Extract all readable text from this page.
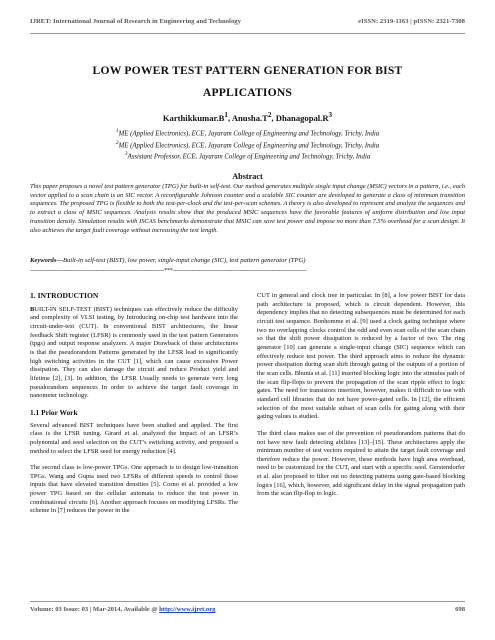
IJRET: International Journal of Research in Engineering and Technology	eISSN: 2319-1163 | pISSN: 2321-7308
LOW POWER TEST PATTERN GENERATION FOR BIST
APPLICATIONS
$Karthikkumar.B^1$, $Anusha.T^2$, $Dhanagopal.R^3$
$^1$ME (Applied Electronics), ECE, Jayaram College of Engineering and Technology, Trichy, India
$^2$ME (Applied Electronics), ECE, Jayaram College of Engineering and Technology, Trichy, India
$^3$Assistant Professor, ECE, Jayaram College of Engineering and Technology, Trichy, India
Abstract
This paper proposes a novel test pattern generator (TPG) for built-in self-test. Our method generates multiple single input change (MSIC) vectors in a pattern, i.e., each vector applied to a scan chain is an SIC vector. A reconfigurable Johnson counter and a scalable SIC counter are developed to generate a class of minimum transition sequences. The proposed TPG is flexible to both the test-per-clock and the test-per-scan schemes. A theory is also developed to represent and analyze the sequences and to extract a class of MSIC sequences. Analysis results show that the produced MSIC sequences have the favorable features of uniform distribution and low input transition density. Simulation results with ISCAS benchmarks demonstrate that MSIC can save test power and impose no more than 7.5% overhead for a scan design. It also achieves the target fault coverage without increasing the test length.
Keywords—Built-in self-test (BIST), low power, single-input change (SIC), test pattern generator (TPG)
------------------------------------------------------------------------***------------------------------------------------------------------------
1. INTRODUCTION

BUILT-IN SELF-TEST (BIST) techniques can effectively reduce the difficulty and complexity of VLSI testing, by Introducing on-chip test hardware into the circuit-under-test (CUT). In conventional BIST architectures, the linear feedback Shift register (LFSR) is commonly used in the test pattern Generators (tpgs) and output response analyzers. A major Drawback of these architectures is that the pseudorandom Patterns generated by the LFSR lead to significantly high switching activities in the CUT [1], which can cause excessive Power dissipation. They can also damage the circuit and reduce Product yield and lifetime [2], [3]. In addition, the LFSR Usually needs to generate very long pseudorandom sequences In order to achieve the target fault coverage in nanometer technology.

1.1 Prior Work

Several advanced BIST techniques have been studied and applied. The first class is the LFSR tuning. Girard et al. analyzed the impact of an LFSR’s polynomial and seed selection on the CUT’s switching activity, and proposed a method to select the LFSR seed for energy reduction [4].

The second class is low-power TPGs. One approach is to design low-transition TPGs. Wang and Gupta used two LFSRs of different speeds to control those inputs that have elevated transition densities [5]. Corno et al. provided a low power TPG based on the cellular automata to reduce the test power in combinational circuits [6]. Another approach focuses on modifying LFSRs. The scheme in [7] reduces the power in the

CUT in general and clock tree in particular. In [8], a low power BIST for data path architecture is proposed, which is circuit dependent. However, this dependency implies that no detecting subsequences must be determined for each circuit test sequence. Bonhomme et al. [9] used a clock gating technique where two no overlapping clocks control the odd and even scan cells of the scan chain so that the shift power dissipation is reduced by a factor of two. The ring generator [10] can generate a single-input change (SIC) sequence which can effectively reduce test power. The third approach aims to reduce the dynamic power dissipation during scan shift through gating of the outputs of a portion of the scan cells. Bhunia et al. [11] inserted blocking logic into the stimulus path of the scan flip-flops to prevent the propagation of the scan ripple effect to logic gates. The need for transistors insertion, however, makes it difficult to use with standard cell libraries that do not have power-gated cells. In [12], the efficient selection of the most suitable subset of scan cells for gating along with their gating values is studied.

The third class makes use of the prevention of pseudorandom patterns that do not have new fault detecting abilities [13]–[15]. These architectures apply the minimum number of test vectors required to attain the target fault coverage and therefore reduce the power. However, these methods have high area overhead, need to be customized for the CUT, and start with a specific seed. Gerstendorfer et al. also proposed to filter out no detecting patterns using gate-based blocking logics [16], which, however, add significant delay in the signal propagation path from the scan flip-flop to logic.

Volume: 03 Issue: 03 | Mar-2014, Available @ http://www.ijret.org	698
